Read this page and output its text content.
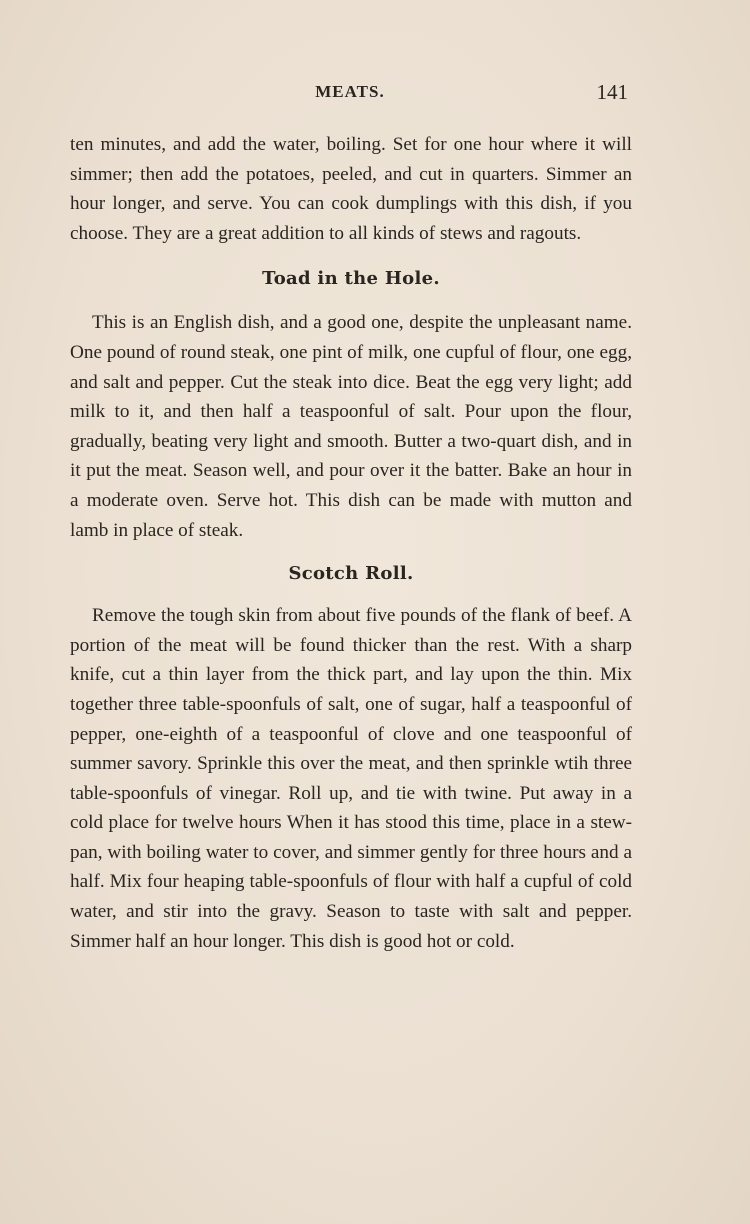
MEATS.	141

ten minutes, and add the water, boiling. Set for one hour where it will simmer; then add the potatoes, peeled, and cut in quarters. Simmer an hour longer, and serve. You can cook dumplings with this dish, if you choose. They are a great addition to all kinds of stews and ragouts.

Toad in the Hole.

This is an English dish, and a good one, despite the unpleasant name. One pound of round steak, one pint of milk, one cupful of flour, one egg, and salt and pepper. Cut the steak into dice. Beat the egg very light; add milk to it, and then half a teaspoonful of salt. Pour upon the flour, gradually, beating very light and smooth. Butter a two-quart dish, and in it put the meat. Season well, and pour over it the batter. Bake an hour in a moderate oven. Serve hot. This dish can be made with mutton and lamb in place of steak.

Scotch Roll.

Remove the tough skin from about five pounds of the flank of beef. A portion of the meat will be found thicker than the rest. With a sharp knife, cut a thin layer from the thick part, and lay upon the thin. Mix together three table-spoonfuls of salt, one of sugar, half a teaspoonful of pepper, one-eighth of a teaspoonful of clove and one teaspoonful of summer savory. Sprinkle this over the meat, and then sprinkle wtih three table-spoonfuls of vinegar. Roll up, and tie with twine. Put away in a cold place for twelve hours When it has stood this time, place in a stew-pan, with boiling water to cover, and simmer gently for three hours and a half. Mix four heaping table-spoonfuls of flour with half a cupful of cold water, and stir into the gravy. Season to taste with salt and pepper. Simmer half an hour longer. This dish is good hot or cold.
